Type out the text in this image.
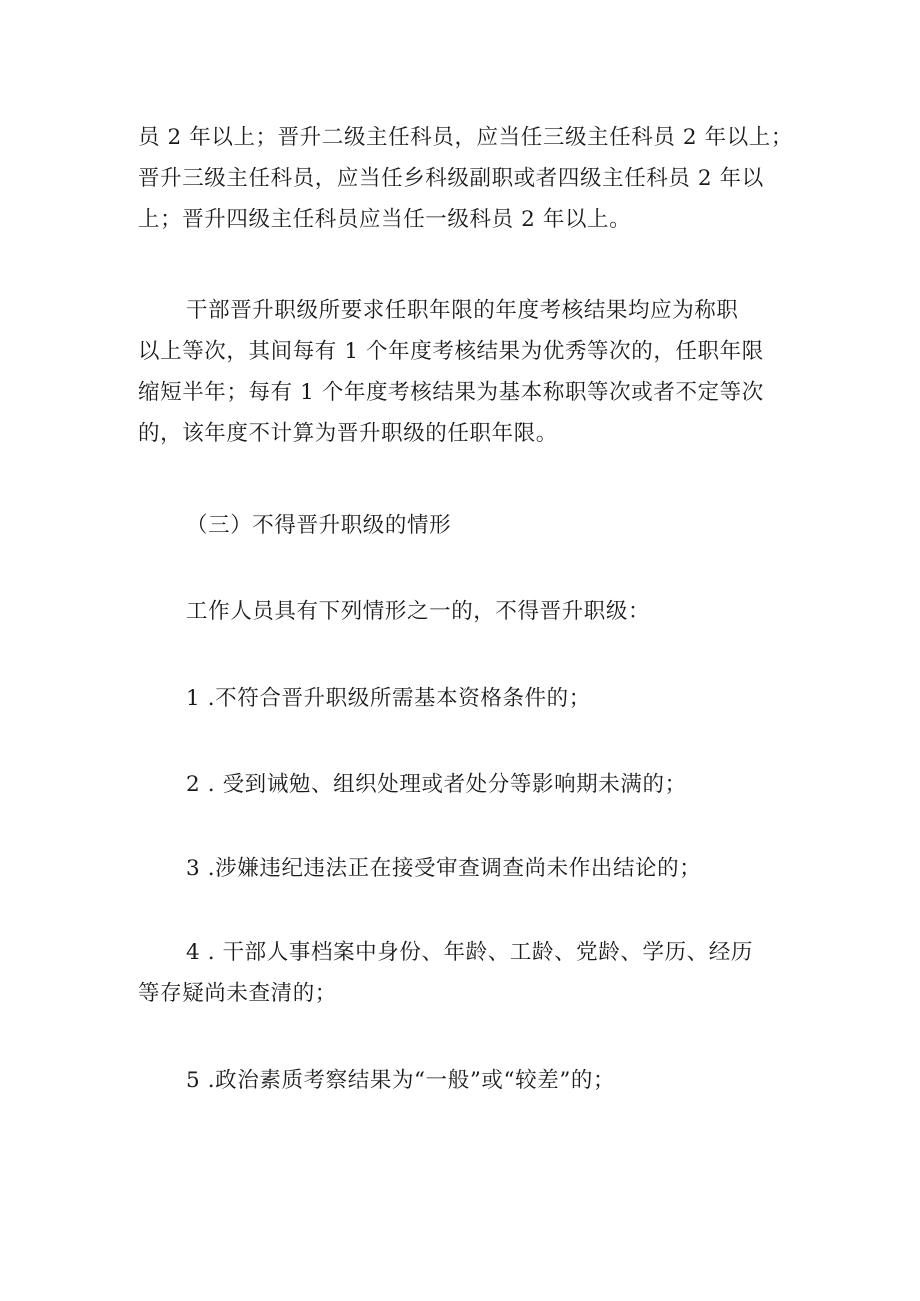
员 2 年以上；晋升二级主任科员，应当任三级主任科员 2 年以上；
晋升三级主任科员，应当任乡科级副职或者四级主任科员 2 年以
上；晋升四级主任科员应当任一级科员 2 年以上。
干部晋升职级所要求任职年限的年度考核结果均应为称职
以上等次，其间每有 1 个年度考核结果为优秀等次的，任职年限
缩短半年；每有 1 个年度考核结果为基本称职等次或者不定等次
的，该年度不计算为晋升职级的任职年限。
（三）不得晋升职级的情形
工作人员具有下列情形之一的，不得晋升职级：
1 .不符合晋升职级所需基本资格条件的；
2 . 受到诫勉、组织处理或者处分等影响期未满的；
3 .涉嫌违纪违法正在接受审查调查尚未作出结论的；
4 . 干部人事档案中身份、年龄、工龄、党龄、学历、经历
等存疑尚未查清的；
5 .政治素质考察结果为“一般”或“较差”的；
